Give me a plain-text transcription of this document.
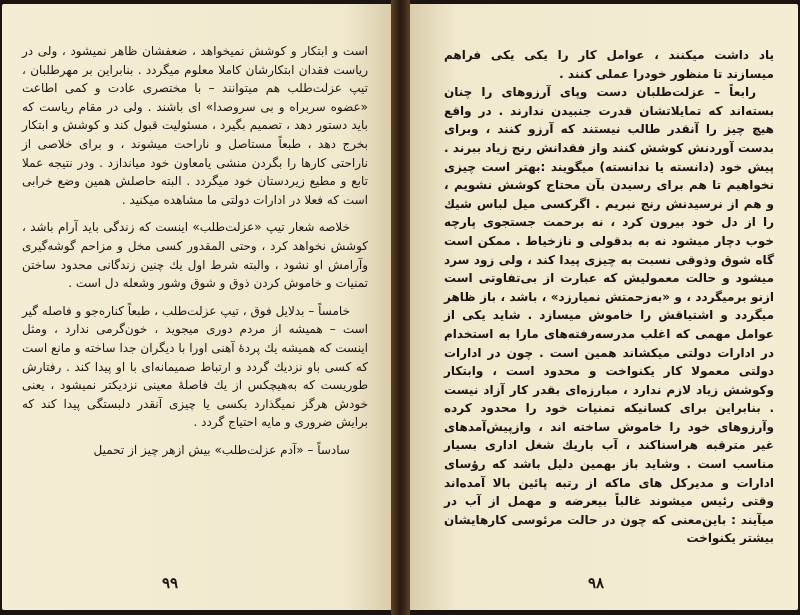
است و ابتکار و کوشش نمیخواهد ، ضعفشان ظاهر نمیشود ، ولی در ریاست فقدان ابتکارشان کاملا معلوم میگردد . بنابراین بر مهرطلبان ، تیپ عزلت‌طلب هم میتوانند – با مختصری عادت و کمی اطاعت «عضوه سربراه و بی سروصدا» ای باشند . ولی در مقام ریاست که باید دستور دهد ، تصمیم بگیرد ، مسئولیت قبول کند و کوشش و ابتکار بخرج دهد ، طبعاً مستاصل و ناراحت میشوند ، و برای خلاصی از ناراحتی کارها را بگردن منشی یامعاون خود میاندازد . ودر نتیجه عملا تابع و مطیع زیردستان خود میگردد . البته حاصلش همین وضع خرابی است که فعلا در ادارات دولتی ما مشاهده میکنید .

خلاصه شعار تیپ «عزلت‌طلب» اینست که زندگی باید آرام باشد ، کوشش نخواهد کرد ، وحتی المقدور کسی مخل و مزاحم گوشه‌گیری وآرامش او نشود ، والبته شرط اول یك چنین زندگانی محدود ساختن تمنیات و خاموش کردن ذوق و شوق وشور وشعله‌ دل است .

خامساً – بدلایل فوق ، تیپ عزلت‌طلب ، طبعاً کناره‌جو و فاصله گیر است – همیشه از مردم دوری میجوید ، خون‌گرمی ندارد ، ومثل اینست که همیشه یك پردهٔ آهنی اورا با دیگران جدا ساخته و مانع است که کسی باو نزدیك گردد و ارتباط صمیمانه‌ای با او پیدا کند . رفتارش طوریست که به‌هیچکس از یك فاصلهٔ معینی نزدیکتر نمیشود ، یعنی خودش هرگز نمیگذارد بکسی یا چیزی آنقدر دلبستگی پیدا کند که برایش ضروری و مایه احتیاج گردد .

سادساً – «آدم عزلت‌طلب» بیش ازهر چیز از تحمیل

۹۹

یاد داشت میکنند ، عوامل کار را یکی یکی فراهم میسازند تا منظور خودرا عملی کنند .

رابعاً – عزلت‌طلبان دست وپای آرزوهای را چنان بسته‌اند که تمایلاتشان قدرت جنبیدن ندارند . در واقع هیچ چیز را آنقدر طالب نیستند که آرزو کنند ، وبرای بدست آوردنش کوشش کنند واز فقدانش رنج زیاد ببرند . پیش خود (دانسته یا ندانسته) میگویند :بهتر است چیزی نخواهیم تا هم برای رسیدن بآن محتاج کوشش نشویم ، و هم از نرسیدنش رنج نبریم . اگرکسی میل لباس شیك را از دل خود بیرون کرد ، نه برحمت جستجوی پارچه خوب دچار میشود نه به بدقولی و نازخیاط . ممکن است گاه شوق وذوقی نسبت به چیزی پیدا کند ، ولی زود سرد میشود و حالت معمولیش که عبارت از بی‌تفاوتی است ازنو برمیگردد ، و «به‌زحمتش نمیارزد» ، باشد ، باز ظاهر میگردد و اشتیاقش را خاموش میسازد . شاید یکی از عوامل مهمی که اغلب مدرسه‌رفته‌های مارا به استخدام در ادارات دولتی میکشاند همین است . چون در ادارات دولتی معمولا کار یکنواخت و محدود است ، وابتکار وکوشش زیاد لازم ندارد ، مبارزه‌ای بقدر کار آزاد نیست . بنابراین برای کسانیکه تمنیات خود را محدود کرده وآرزوهای خود را خاموش ساخته اند ، وازپیش‌آمدهای غیر مترقبه هراسناکند ، آب باریك شغل اداری بسیار مناسب است . وشاید باز بهمین دلیل باشد که رؤسای ادارات و مدیرکل های ماکه از رتبه پائین بالا آمده‌اند وقتی رئیس میشوند غالباً بیعرضه و مهمل از آب در میآیند : باین‌معنی که چون در حالت مرئوسی کارهایشان بیشتر یکنواخت

۹۸
